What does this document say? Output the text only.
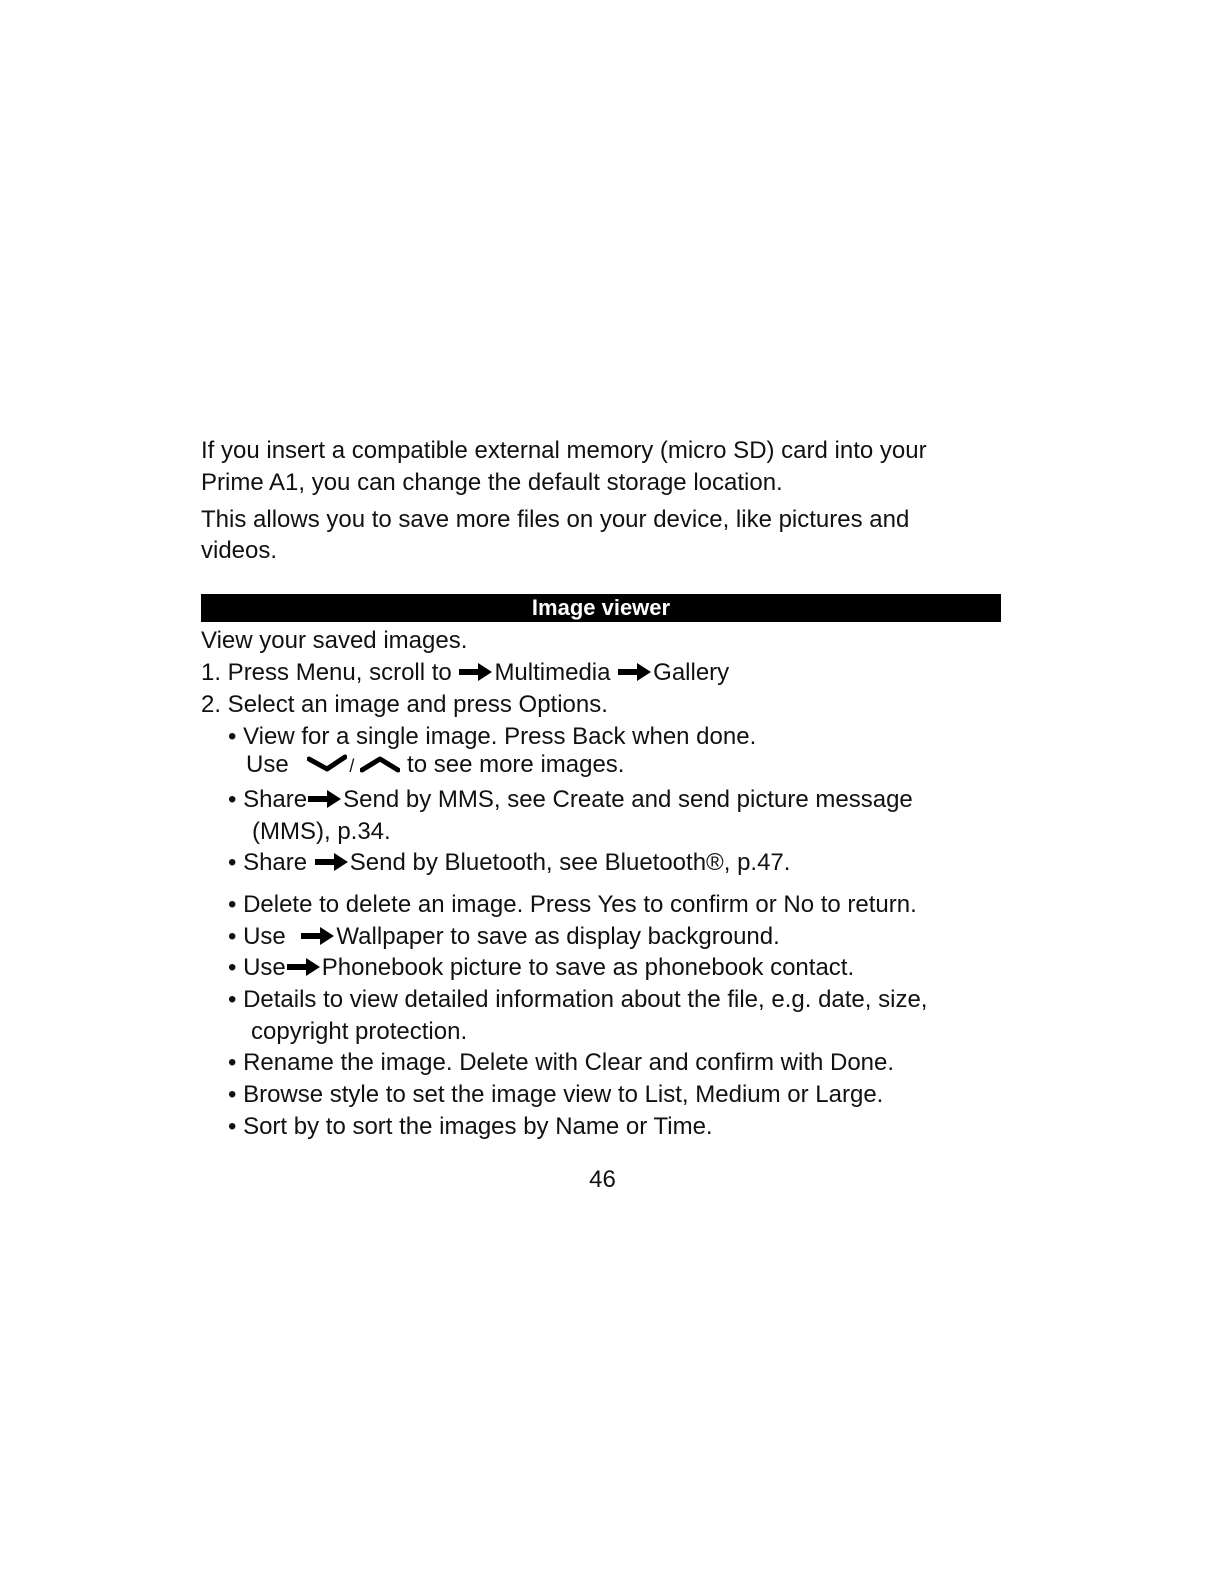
If you insert a compatible external memory (micro SD) card into your
Prime A1, you can change the default storage location.
This allows you to save more files on your device, like pictures and
videos.
Image viewer
View your saved images.
1. Press Menu, scroll to
Multimedia
Gallery
2. Select an image and press Options.
• View for a single image. Press Back when done.
Use	/ to see more images.
• Share Send by MMS, see Create and send picture message
(MMS), p.34.
• Share
Send by Bluetooth, see Bluetooth®, p.47.
• Delete to delete an image. Press Yes to confirm or No to return.
• Use
Wallpaper to save as display background.
• Use Phonebook picture to save as phonebook contact.
• Details to view detailed information about the file, e.g. date, size,
copyright protection.
• Rename the image. Delete with Clear and confirm with Done.
• Browse style to set the image view to List, Medium or Large.
• Sort by to sort the images by Name or Time.
46
